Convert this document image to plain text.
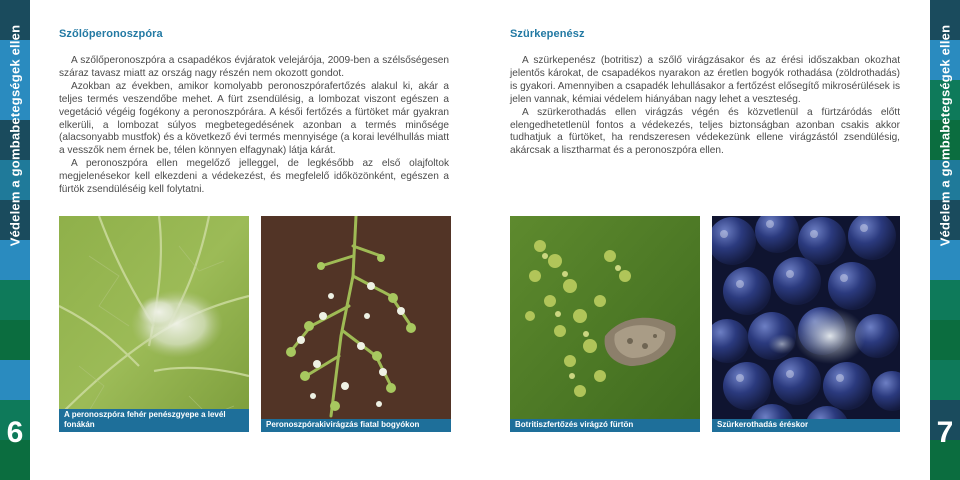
Védelem a gombabetegségek ellen
6
Védelem a gombabetegségek ellen
7
Szőlőperonoszpóra

A szőlőperonoszpóra a csapadékos évjáratok velejárója, 2009-ben a szélsőségesen száraz tavasz miatt az ország nagy részén nem okozott gondot.

Azokban az években, amikor komolyabb peronoszpórafertőzés alakul ki, akár a teljes termés veszendőbe mehet. A fürt zsendülésig, a lombozat viszont egészen a vegetáció végéig fogékony a peronoszpórára. A késői fertőzés a fürtöket már gyakran elkerüli, a lombozat súlyos megbetegedésének azonban a termés minősége (alacsonyabb mustfok) és a következő évi termés mennyisége (a korai levélhullás miatt a vesszők nem érnek be, télen könnyen elfagynak) látja kárát.

A peronoszpóra ellen megelőző jelleggel, de legkésőbb az első olajfoltok megjelenésekor kell elkezdeni a védekezést, és megfelelő időközönként, egészen a fürtök zsendüléséig kell folytatni.

Szürkepenész

A szürkepenész (botritisz) a szőlő virágzásakor és az érési időszakban okozhat jelentős károkat, de csapadékos nyarakon az éretlen bogyók rothadása (zöldrothadás) is gyakori. Amennyiben a csapadék lehullásakor a fertőzést elősegítő mikrosérülések is jelen vannak, kémiai védelem hiányában nagy lehet a veszteség.

A szürkerothadás ellen virágzás végén és közvetlenül a fürtzáródás előtt elengedhetetlenül fontos a védekezés, teljes biztonságban azonban csakis akkor tudhatjuk a fürtöket, ha rendszeresen védekezünk ellene virágzástól zsendülésig, akárcsak a lisztharmat és a peronoszpóra ellen.

A peronoszpóra fehér penészgyepe a levél fonákán	Peronoszpórakivirágzás fiatal bogyókon	Botritiszfertőzés virágzó fürtön	Szürkerothadás éréskor
